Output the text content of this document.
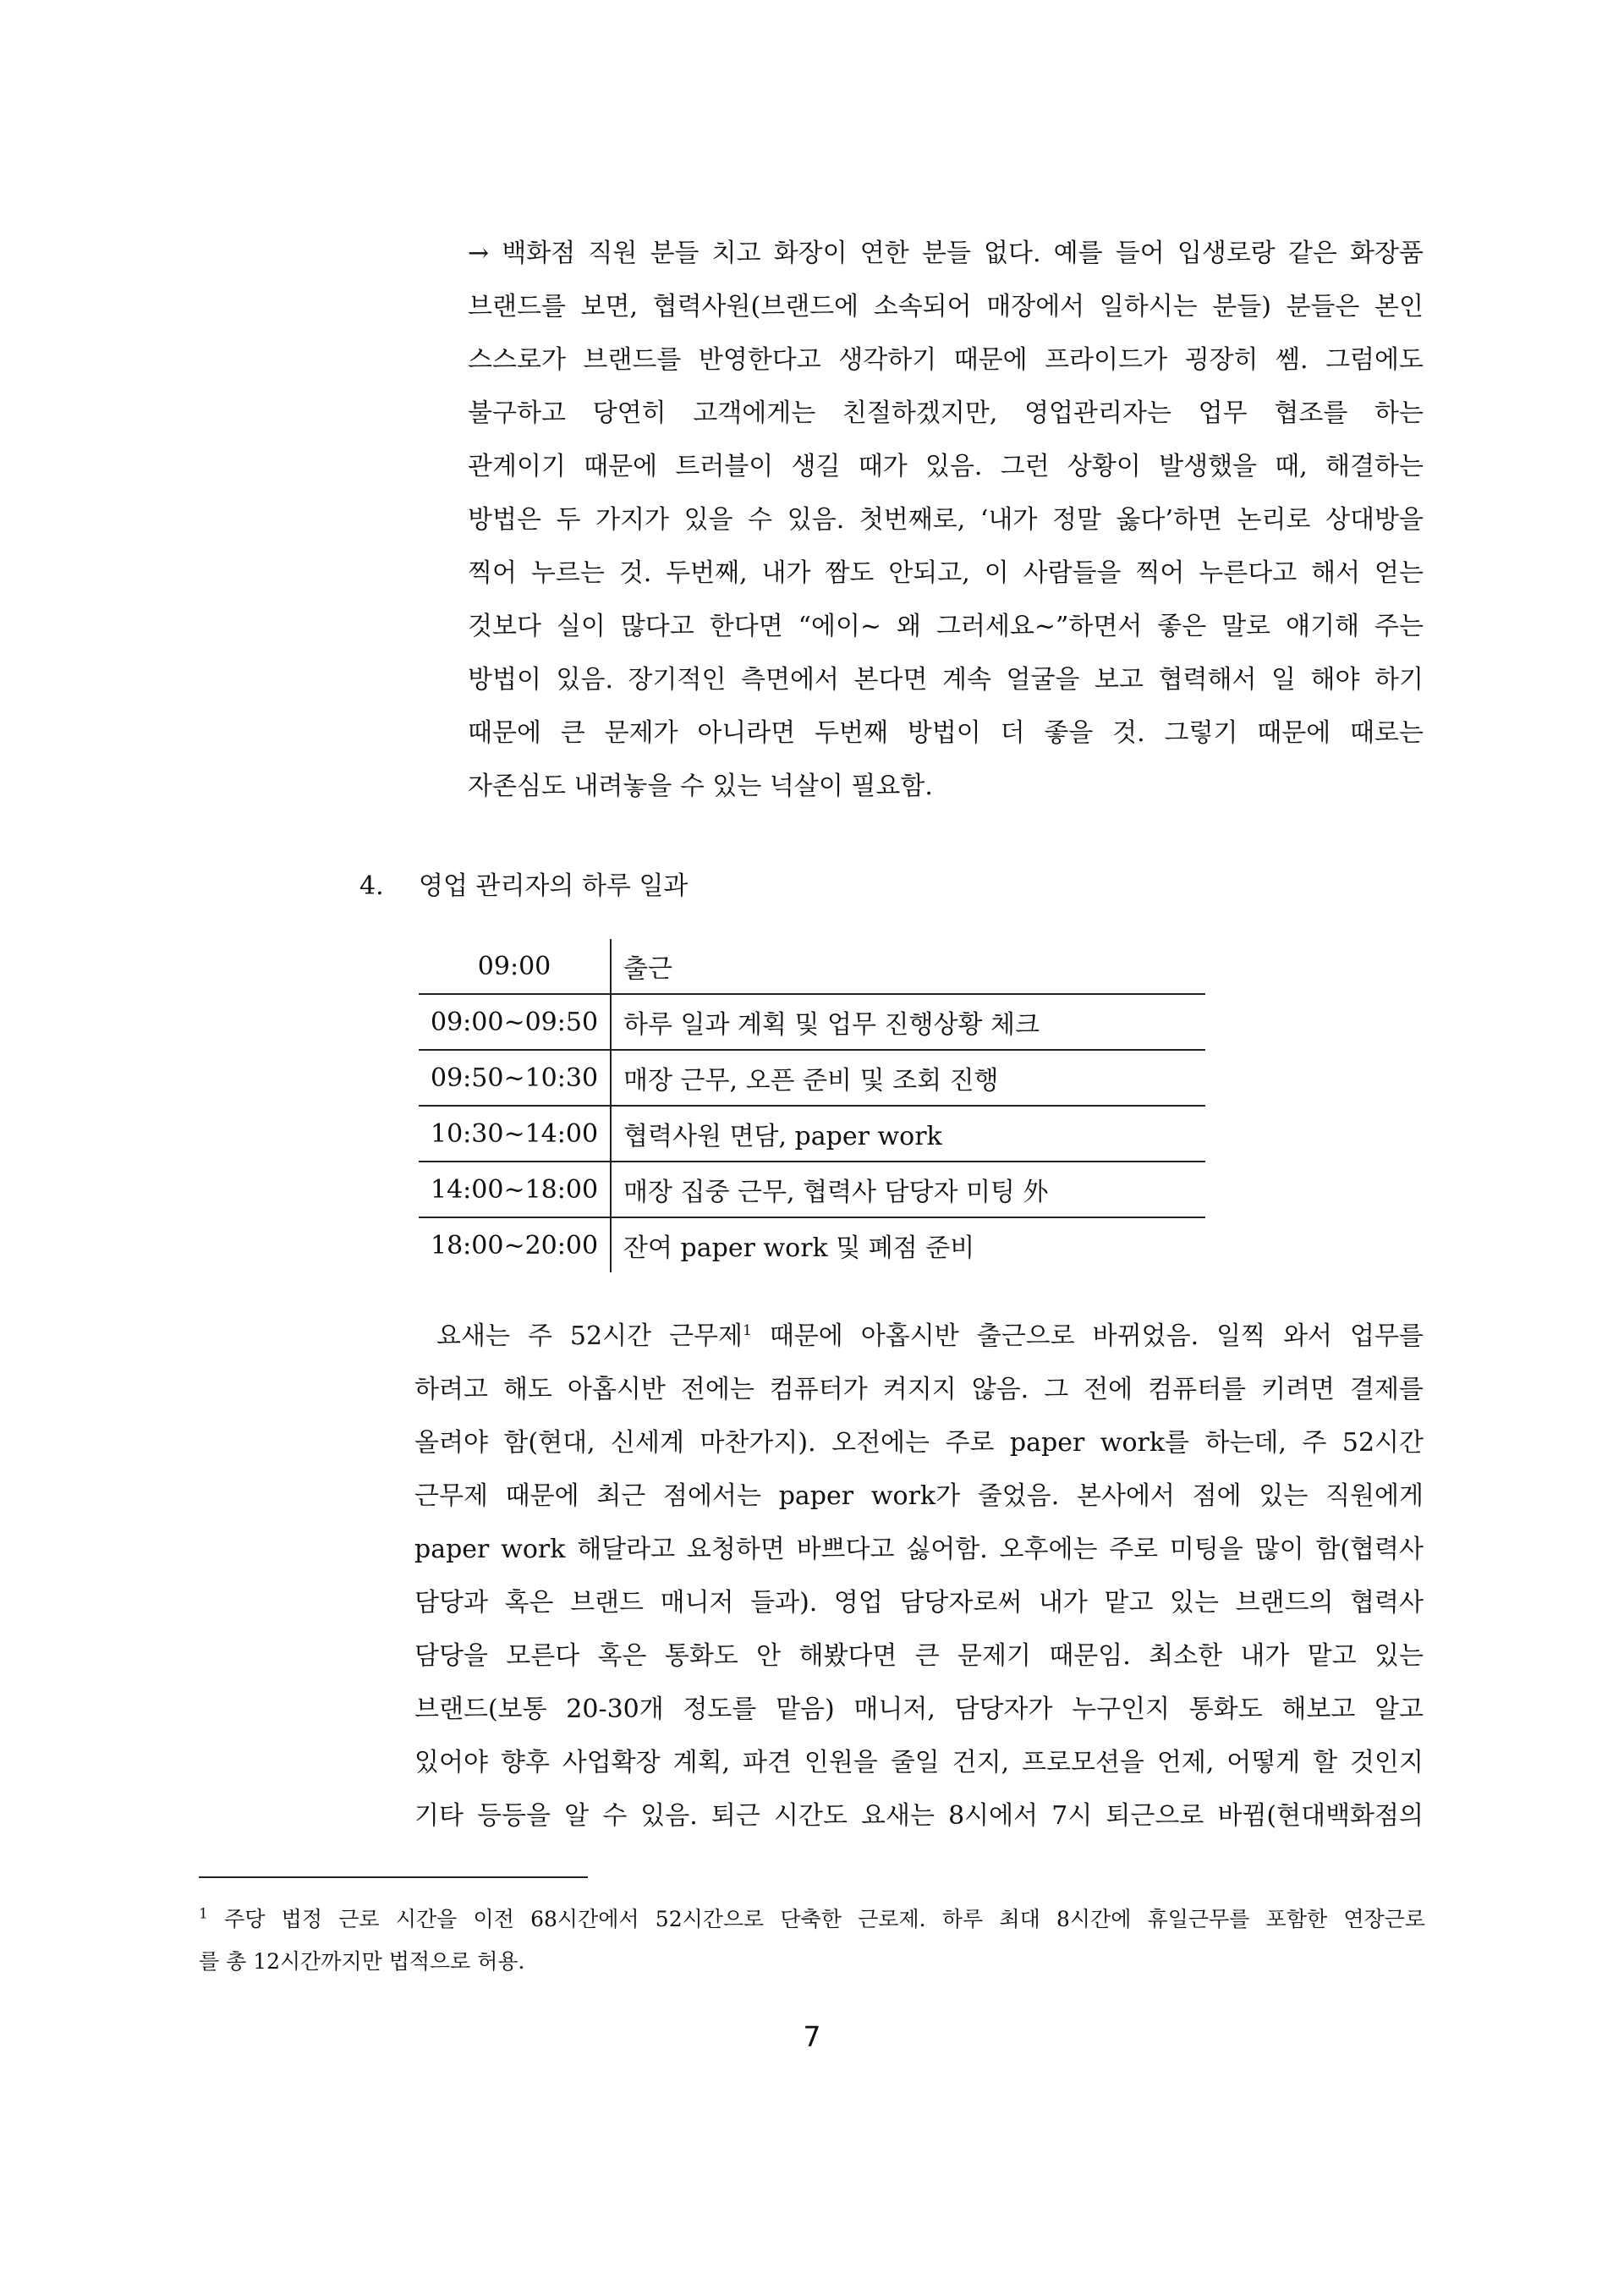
→ 백화점 직원 분들 치고 화장이 연한 분들 없다. 예를 들어 입생로랑 같은 화장품
브랜드를 보면, 협력사원(브랜드에 소속되어 매장에서 일하시는 분들) 분들은 본인
스스로가 브랜드를 반영한다고 생각하기 때문에 프라이드가 굉장히 쎔. 그럼에도
불구하고 당연히 고객에게는 친절하겠지만, 영업관리자는 업무 협조를 하는
관계이기 때문에 트러블이 생길 때가 있음. 그런 상황이 발생했을 때, 해결하는
방법은 두 가지가 있을 수 있음. 첫번째로, ‘내가 정말 옳다’하면 논리로 상대방을
찍어 누르는 것. 두번째, 내가 짬도 안되고, 이 사람들을 찍어 누른다고 해서 얻는
것보다 실이 많다고 한다면 “에이~ 왜 그러세요~”하면서 좋은 말로 얘기해 주는
방법이 있음. 장기적인 측면에서 본다면 계속 얼굴을 보고 협력해서 일 해야 하기
때문에 큰 문제가 아니라면 두번째 방법이 더 좋을 것. 그렇기 때문에 때로는
자존심도 내려놓을 수 있는 넉살이 필요함.
4. 영업 관리자의 하루 일과
09:00	출근
09:00~09:50	하루 일과 계획 및 업무 진행상황 체크
09:50~10:30	매장 근무, 오픈 준비 및 조회 진행
10:30~14:00	협력사원 면담, paper work
14:00~18:00	매장 집중 근무, 협력사 담당자 미팅 外
18:00~20:00	잔여 paper work 및 폐점 준비
요새는 주 52시간 근무제$^1$ 때문에 아홉시반 출근으로 바뀌었음. 일찍 와서 업무를
하려고 해도 아홉시반 전에는 컴퓨터가 켜지지 않음. 그 전에 컴퓨터를 키려면 결제를
올려야 함(현대, 신세계 마찬가지). 오전에는 주로 paper work를 하는데, 주 52시간
근무제 때문에 최근 점에서는 paper work가 줄었음. 본사에서 점에 있는 직원에게
paper work 해달라고 요청하면 바쁘다고 싫어함. 오후에는 주로 미팅을 많이 함(협력사
담당과 혹은 브랜드 매니저 들과). 영업 담당자로써 내가 맡고 있는 브랜드의 협력사
담당을 모른다 혹은 통화도 안 해봤다면 큰 문제기 때문임. 최소한 내가 맡고 있는
브랜드(보통 20-30개 정도를 맡음) 매니저, 담당자가 누구인지 통화도 해보고 알고
있어야 향후 사업확장 계획, 파견 인원을 줄일 건지, 프로모션을 언제, 어떻게 할 것인지
기타 등등을 알 수 있음. 퇴근 시간도 요새는 8시에서 7시 퇴근으로 바뀜(현대백화점의
$^1$ 주당 법정 근로 시간을 이전 68시간에서 52시간으로 단축한 근로제. 하루 최대 8시간에 휴일근무를 포함한 연장근로
를 총 12시간까지만 법적으로 허용.
7
